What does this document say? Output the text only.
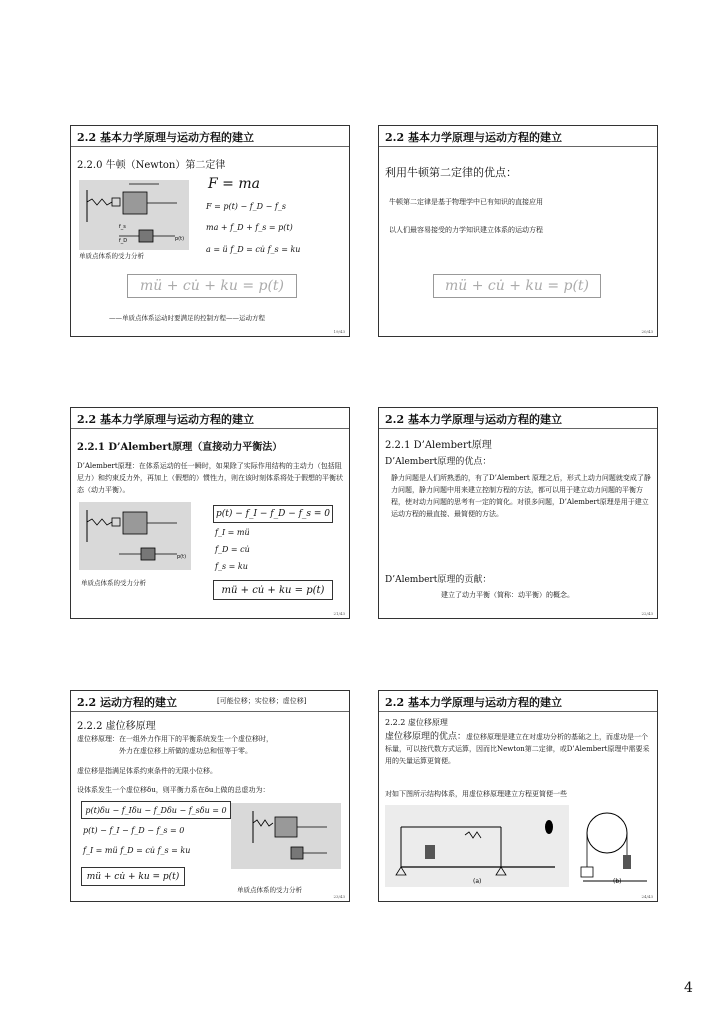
2.2 基本力学原理与运动方程的建立
2.2.0 牛顿（Newton）第二定律
f_s
f_D	p(t)
F = ma
F = p(t) − f_D − f_s
ma + f_D + f_s = p(t)
a = ü f_D = cu̇ f_s = ku
单质点体系的受力分析
mü + cu̇ + ku = p(t)
——单质点体系运动时要满足的控制方程——运动方程
19/43
2.2 基本力学原理与运动方程的建立
利用牛顿第二定律的优点：
牛顿第二定律是基于物理学中已有知识的直接应用
以人们最容易接受的力学知识建立体系的运动方程
mü + cu̇ + ku = p(t)
20/43
2.2 基本力学原理与运动方程的建立
2.2.1 D’Alembert原理（直接动力平衡法）
D’Alembert原理：在体系运动的任一瞬时，如果除了实际作用结构的主动力（包括阻尼力）和约束反力外，再加上（假想的）惯性力，则在该时刻体系将处于假想的平衡状态（动力平衡）。
p(t)
p(t) − f_I − f_D − f_s = 0
f_I = mü
f_D = cu̇
f_s = ku
单质点体系的受力分析
mü + cu̇ + ku = p(t)
21/43
2.2 基本力学原理与运动方程的建立
2.2.1 D’Alembert原理
D’Alembert原理的优点：
静力问题是人们所熟悉的，有了D’Alembert 原理之后，形式上动力问题就变成了静力问题，静力问题中用来建立控制方程的方法，都可以用于建立动力问题的平衡方程，使对动力问题的思考有一定的简化。对很多问题，D’Alembert原理是用于建立运动方程的最直接、最简便的方法。
D’Alembert原理的贡献：
建立了动力平衡（简称：动平衡）的概念。
22/43
2.2 运动方程的建立	[可能位移；实位移；虚位移]
2.2.2 虚位移原理
虚位移原理：在一组外力作用下的平衡系统发生一个虚位移时，
外力在虚位移上所做的虚功总和恒等于零。
虚位移是指满足体系约束条件的无限小位移。
设体系发生一个虚位移δu，则平衡力系在δu上做的总虚功为：
p(t)δu − f_Iδu − f_Dδu − f_sδu = 0
p(t) − f_I − f_D − f_s = 0
f_I = mü f_D = cu̇ f_s = ku
mü + cu̇ + ku = p(t)
单质点体系的受力分析
23/43
2.2 基本力学原理与运动方程的建立
2.2.2 虚位移原理
虚位移原理的优点：虚位移原理是建立在对虚功分析的基础之上，而虚功是一个标量，可以按代数方式运算，因而比Newton第二定律，或D’Alembert原理中需要采用的矢量运算更简便。
对如下图所示结构体系，用虚位移原理建立方程更简便一些
(a)	(b)
24/43
4
